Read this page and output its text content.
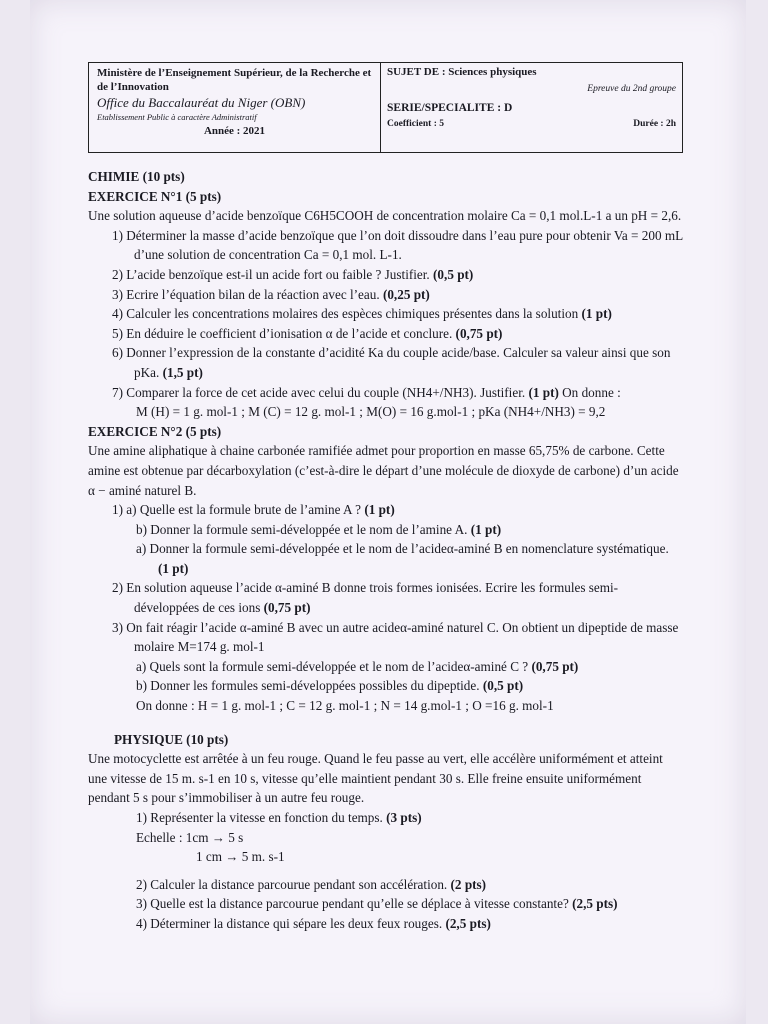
Ministère de l’Enseignement Supérieur, de la Recherche et de l’Innovation
Office du Baccalauréat du Niger (OBN)
Etablissement Public à caractère Administratif
Année : 2021
SUJET DE : Sciences physiques
Epreuve du 2nd groupe
SERIE/SPECIALITE : D
Coefficient : 5	Durée : 2h

CHIMIE (10 pts)

EXERCICE N°1 (5 pts)

Une solution aqueuse d’acide benzoïque C6H5COOH de concentration molaire Ca = 0,1 mol.L-1 a un pH = 2,6.

1) Déterminer la masse d’acide benzoïque que l’on doit dissoudre dans l’eau pure pour obtenir Va = 200 mL d’une solution de concentration Ca = 0,1 mol. L-1.

2) L’acide benzoïque est-il un acide fort ou faible ? Justifier. (0,5 pt)

3) Ecrire l’équation bilan de la réaction avec l’eau. (0,25 pt)

4) Calculer les concentrations molaires des espèces chimiques présentes dans la solution (1 pt)

5) En déduire le coefficient d’ionisation α de l’acide et conclure. (0,75 pt)

6) Donner l’expression de la constante d’acidité Ka du couple acide/base. Calculer sa valeur ainsi que son pKa. (1,5 pt)

7) Comparer la force de cet acide avec celui du couple (NH4+/NH3). Justifier. (1 pt) On donne :

M (H) = 1 g. mol-1 ; M (C) = 12 g. mol-1 ; M(O) = 16 g.mol-1 ; pKa (NH4+/NH3) = 9,2

EXERCICE N°2 (5 pts)

Une amine aliphatique à chaine carbonée ramifiée admet pour proportion en masse 65,75% de carbone. Cette amine est obtenue par décarboxylation (c’est-à-dire le départ d’une molécule de dioxyde de carbone) d’un acide α − aminé naturel B.

1) a) Quelle est la formule brute de l’amine A ? (1 pt)

b) Donner la formule semi-développée et le nom de l’amine A. (1 pt)

a) Donner la formule semi-développée et le nom de l’acideα-aminé B en nomenclature systématique. (1 pt)

2) En solution aqueuse l’acide α-aminé B donne trois formes ionisées. Ecrire les formules semi-développées de ces ions (0,75 pt)

3) On fait réagir l’acide α-aminé B avec un autre acideα-aminé naturel C. On obtient un dipeptide de masse molaire M=174 g. mol-1

a) Quels sont la formule semi-développée et le nom de l’acideα-aminé C ? (0,75 pt)

b) Donner les formules semi-développées possibles du dipeptide. (0,5 pt)

On donne : H = 1 g. mol-1 ; C = 12 g. mol-1 ; N = 14 g.mol-1 ; O =16 g. mol-1

PHYSIQUE (10 pts)

Une motocyclette est arrêtée à un feu rouge. Quand le feu passe au vert, elle accélère uniformément et atteint une vitesse de 15 m. s-1 en 10 s, vitesse qu’elle maintient pendant 30 s. Elle freine ensuite uniformément pendant 5 s pour s’immobiliser à un autre feu rouge.

1) Représenter la vitesse en fonction du temps. (3 pts)

Echelle : 1cm → 5 s

1 cm → 5 m. s-1

2) Calculer la distance parcourue pendant son accélération. (2 pts)

3) Quelle est la distance parcourue pendant qu’elle se déplace à vitesse constante? (2,5 pts)

4) Déterminer la distance qui sépare les deux feux rouges. (2,5 pts)
